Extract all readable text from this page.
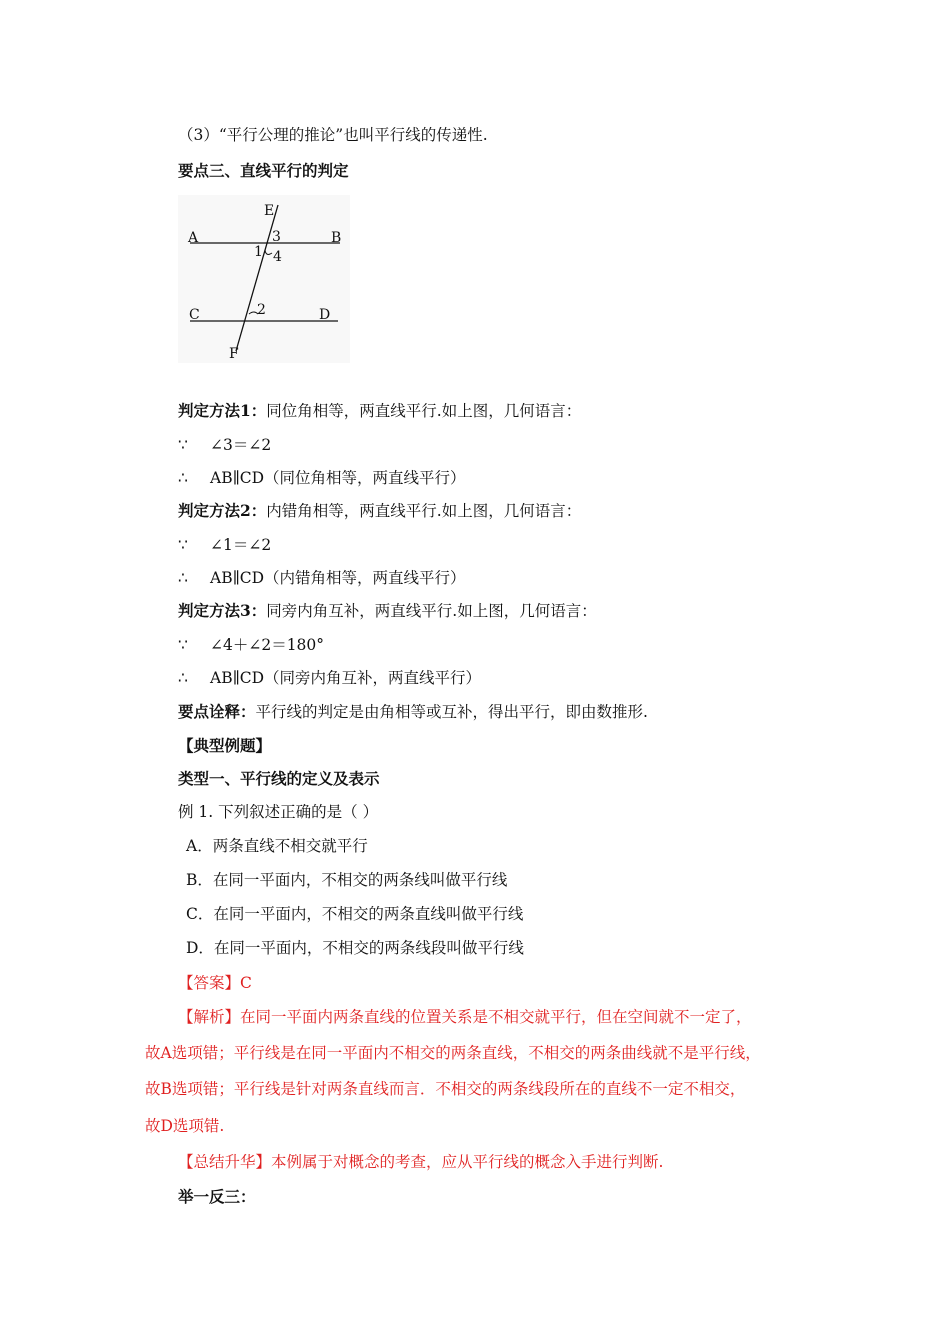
（3）“平行公理的推论”也叫平行线的传递性.
要点三、直线平行的判定
E
A	B
3
1 4
C	2	D
F
判定方法1：同位角相等，两直线平行.如上图，几何语言：
∵ ∠3＝∠2
∴ AB∥CD（同位角相等，两直线平行）
判定方法2：内错角相等，两直线平行.如上图，几何语言：
∵ ∠1＝∠2
∴ AB∥CD（内错角相等，两直线平行）
判定方法3：同旁内角互补，两直线平行.如上图，几何语言：
∵ ∠4＋∠2＝180°
∴ AB∥CD（同旁内角互补，两直线平行）
要点诠释：平行线的判定是由角相等或互补，得出平行，即由数推形.
【典型例题】
类型一、平行线的定义及表示
例 1. 下列叙述正确的是（ ）
A．两条直线不相交就平行
B．在同一平面内，不相交的两条线叫做平行线
C．在同一平面内，不相交的两条直线叫做平行线
D．在同一平面内，不相交的两条线段叫做平行线
【答案】C
【解析】在同一平面内两条直线的位置关系是不相交就平行，但在空间就不一定了，
故A选项错；平行线是在同一平面内不相交的两条直线，不相交的两条曲线就不是平行线，
故B选项错；平行线是针对两条直线而言．不相交的两条线段所在的直线不一定不相交，
故D选项错.
【总结升华】本例属于对概念的考查，应从平行线的概念入手进行判断.
举一反三：
